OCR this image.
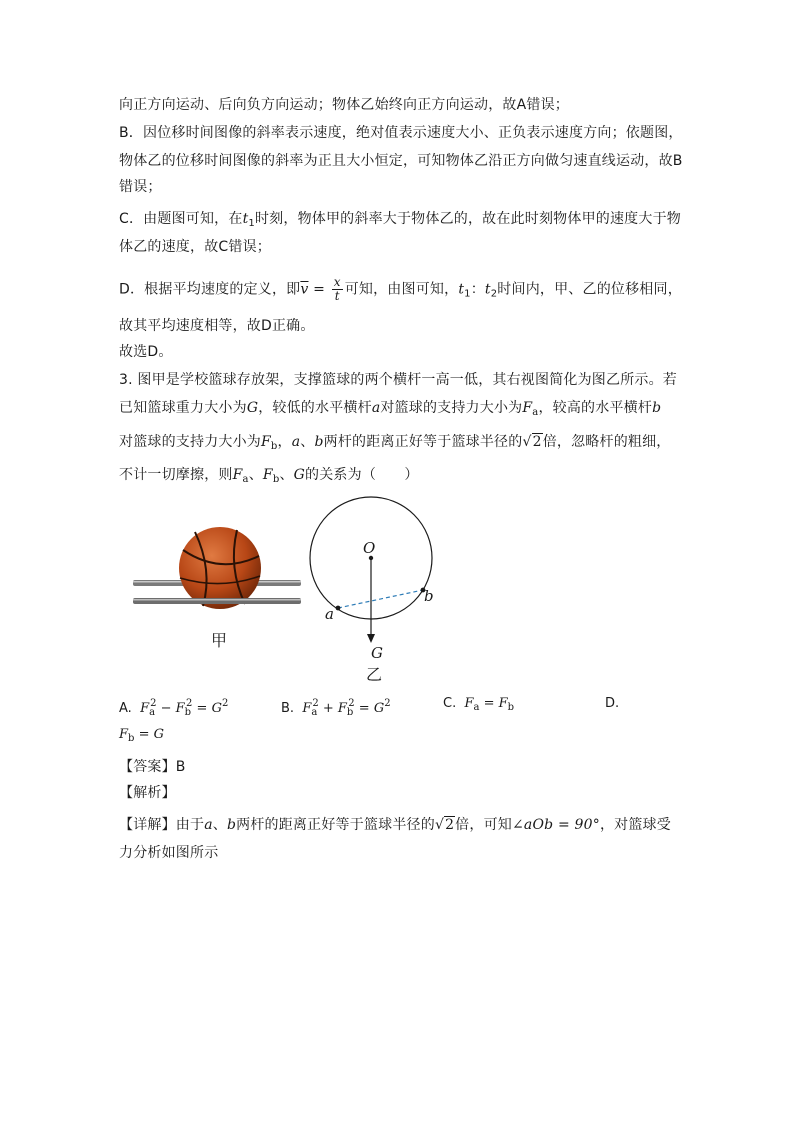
向正方向运动、后向负方向运动；物体乙始终向正方向运动，故A错误；
B．因位移时间图像的斜率表示速度，绝对值表示速度大小、正负表示速度方向；依题图，
物体乙的位移时间图像的斜率为正且大小恒定，可知物体乙沿正方向做匀速直线运动，故B
错误；
C．由题图可知，在$t_1$时刻，物体甲的斜率大于物体乙的，故在此时刻物体甲的速度大于物
体乙的速度，故C错误；
D．根据平均速度的定义，即$\overline{v} = \frac{x}{t}$ 可知，由图可知，$t_1$：$t_2$时间内，甲、乙的位移相同，
故其平均速度相等，故D正确。
故选D。
3. 图甲是学校篮球存放架，支撑篮球的两个横杆一高一低，其右视图简化为图乙所示。若
已知篮球重力大小为G，较低的水平横杆a对篮球的支持力大小为$F_a$，较高的水平横杆b
对篮球的支持力大小为$F_b$，a、b两杆的距离正好等于篮球半径的√2倍，忽略杆的粗细，
不计一切摩擦，则$F_a$、$F_b$、G的关系为（　　）
甲
O
a
b
G
乙
A. $F_a^2 - F_b^2 = G^2$	B. $F_a^2 + F_b^2 = G^2$	C. $F_a = F_b$	D.
$F_b = G$
【答案】B
【解析】
【详解】由于a、b两杆的距离正好等于篮球半径的√2倍，可知∠aOb = 90°，对篮球受
力分析如图所示
